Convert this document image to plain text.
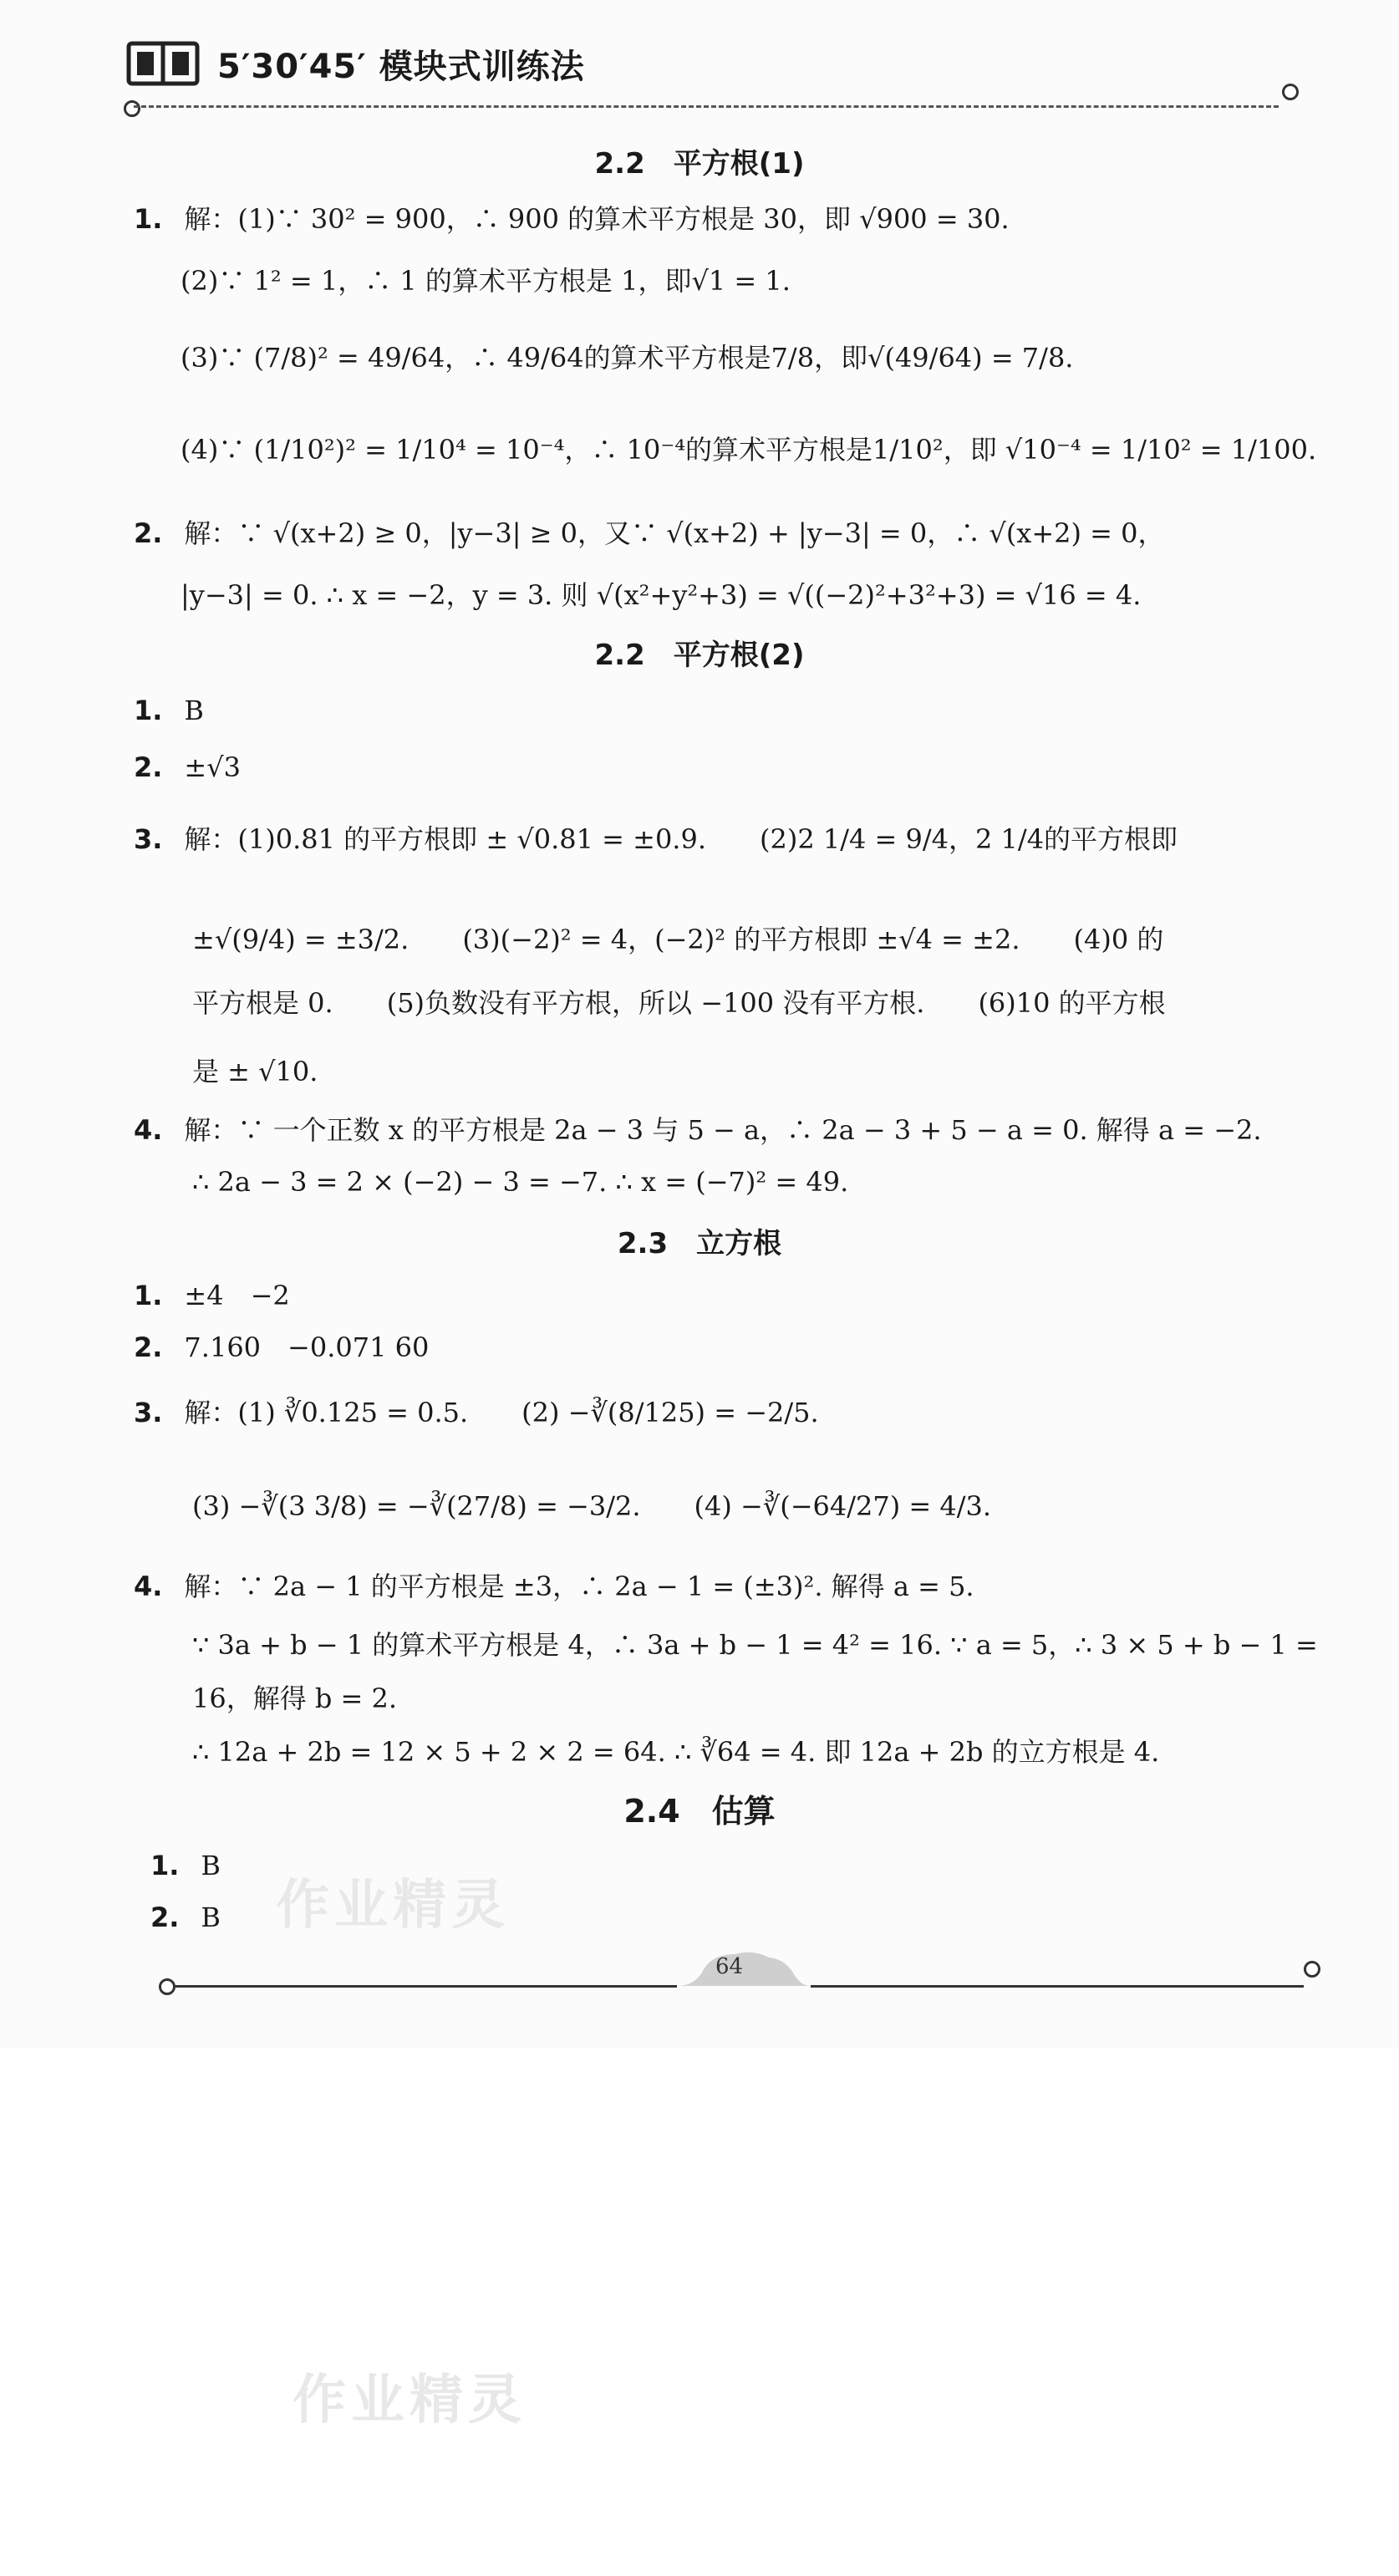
5′30′45′ 模块式训练法
2.2　平方根(1)
1. 解：(1)∵ 30² = 900，∴ 900 的算术平方根是 30，即 √900 = 30.
(2)∵ 1² = 1，∴ 1 的算术平方根是 1，即√1 = 1.
(3)∵ (7/8)² = 49/64，∴ 49/64的算术平方根是7/8，即√(49/64) = 7/8.
(4)∵ (1/10²)² = 1/10⁴ = 10⁻⁴，∴ 10⁻⁴的算术平方根是1/10²，即 √10⁻⁴ = 1/10² = 1/100.
2. 解：∵ √(x+2) ≥ 0，|y−3| ≥ 0，又∵ √(x+2) + |y−3| = 0，∴ √(x+2) = 0，
|y−3| = 0. ∴ x = −2，y = 3. 则 √(x²+y²+3) = √((−2)²+3²+3) = √16 = 4.
2.2　平方根(2)
1. B
2. ±√3
3. 解：(1)0.81 的平方根即 ± √0.81 = ±0.9.　　(2)2 1/4 = 9/4，2 1/4的平方根即
±√(9/4) = ±3/2.　　(3)(−2)² = 4，(−2)² 的平方根即 ±√4 = ±2.　　(4)0 的
平方根是 0.　　(5)负数没有平方根，所以 −100 没有平方根.　　(6)10 的平方根
是 ± √10.
4. 解：∵ 一个正数 x 的平方根是 2a − 3 与 5 − a，∴ 2a − 3 + 5 − a = 0. 解得 a = −2.
∴ 2a − 3 = 2 × (−2) − 3 = −7. ∴ x = (−7)² = 49.
2.3　立方根
1. ±4　−2
2. 7.160　−0.071 60
3. 解：(1) ∛0.125 = 0.5.　　(2) −∛(8/125) = −2/5.
(3) −∛(3 3/8) = −∛(27/8) = −3/2.　　(4) −∛(−64/27) = 4/3.
4. 解：∵ 2a − 1 的平方根是 ±3，∴ 2a − 1 = (±3)². 解得 a = 5.
∵ 3a + b − 1 的算术平方根是 4，∴ 3a + b − 1 = 4² = 16. ∵ a = 5，∴ 3 × 5 + b − 1 =
16，解得 b = 2.
∴ 12a + 2b = 12 × 5 + 2 × 2 = 64. ∴ ∛64 = 4. 即 12a + 2b 的立方根是 4.
2.4　估算
1. B
2. B
64
作业精灵
作业精灵
